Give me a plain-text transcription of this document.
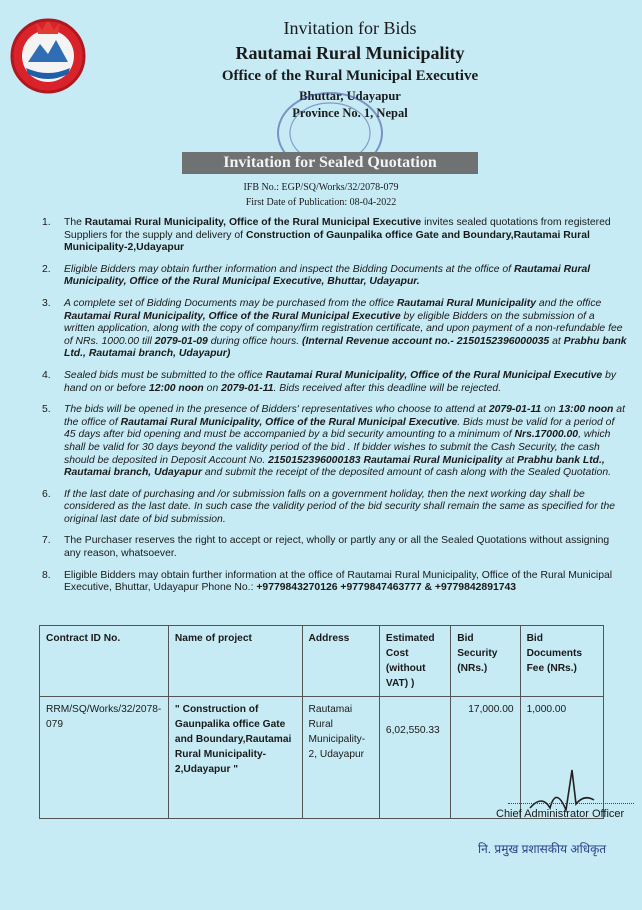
Invitation for Bids
Rautamai Rural Municipality
Office of the Rural Municipal Executive
Bhuttar, Udayapur
Province No. 1, Nepal
Invitation for Sealed Quotation
IFB No.: EGP/SQ/Works/32/2078-079
First Date of Publication: 08-04-2022
1. The Rautamai Rural Municipality, Office of the Rural Municipal Executive invites sealed quotations from registered Suppliers for the supply and delivery of Construction of Gaunpalika office Gate and Boundary,Rautamai Rural Municipality-2,Udayapur
2. Eligible Bidders may obtain further information and inspect the Bidding Documents at the office of Rautamai Rural Municipality, Office of the Rural Municipal Executive, Bhuttar, Udayapur.
3. A complete set of Bidding Documents may be purchased from the office Rautamai Rural Municipality and the office Rautamai Rural Municipality, Office of the Rural Municipal Executive by eligible Bidders on the submission of a written application, along with the copy of company/firm registration certificate, and upon payment of a non-refundable fee of NRs. 1000.00 till 2079-01-09 during office hours. (Internal Revenue account no.- 2150152396000035 at Prabhu bank Ltd., Rautamai branch, Udayapur)
4. Sealed bids must be submitted to the office Rautamai Rural Municipality, Office of the Rural Municipal Executive by hand on or before 12:00 noon on 2079-01-11. Bids received after this deadline will be rejected.
5. The bids will be opened in the presence of Bidders' representatives who choose to attend at 2079-01-11 on 13:00 noon at the office of Rautamai Rural Municipality, Office of the Rural Municipal Executive. Bids must be valid for a period of 45 days after bid opening and must be accompanied by a bid security amounting to a minimum of Nrs.17000.00, which shall be valid for 30 days beyond the validity period of the bid . If bidder wishes to submit the Cash Security, the cash should be deposited in Deposit Account No. 2150152396000183 Rautamai Rural Municipality at Prabhu bank Ltd., Rautamai branch, Udayapur and submit the receipt of the deposited amount of cash along with the Sealed Quotation.
6. If the last date of purchasing and /or submission falls on a government holiday, then the next working day shall be considered as the last date. In such case the validity period of the bid security shall remain the same as specified for the original last date of bid submission.
7. The Purchaser reserves the right to accept or reject, wholly or partly any or all the Sealed Quotations without assigning any reason, whatsoever.
8. Eligible Bidders may obtain further information at the office of Rautamai Rural Municipality, Office of the Rural Municipal Executive, Bhuttar, Udayapur Phone No.: +9779843270126 +9779847463777 & +9779842891743
Contract ID No.	Name of project	Address	Estimated Cost (without VAT) )	Bid Security (NRs.)	Bid Documents Fee (NRs.)
RRM/SQ/Works/32/2078-079	" Construction of Gaunpalika office Gate and Boundary,Rautamai Rural Municipality-2,Udayapur "	Rautamai Rural Municipality-2, Udayapur	6,02,550.33	17,000.00	1,000.00
Chief Administrator Officer
नि. प्रमुख प्रशासकीय अधिकृत
